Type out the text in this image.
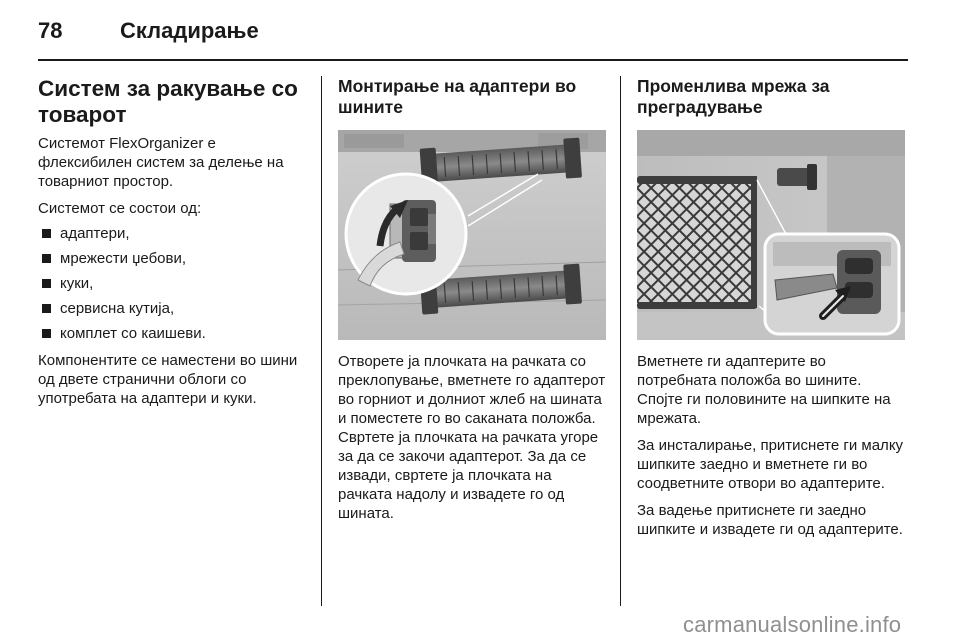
78	Складирање
Систем за ракување со товарот

Системот FlexOrganizer е флексибилен систем за делење на товарниот простор.

Системот се состои од:

адаптери,
мрежести џебови,
куки,
сервисна кутија,
комплет со каишеви.

Компонентите се наместени во шини од двете странични облоги со употребата на адаптери и куки.

Монтирање на адаптери во шините

Отворете ја плочката на рачката со преклопување, вметнете го адаптерот во горниот и долниот жлеб на шината и поместете го во саканата положба. Свртете ја плочката на рачката угоре за да се закочи адаптерот. За да се извади, свртете ја плочката на рачката надолу и извадете го од шината.

Променлива мрежа за преградување

Вметнете ги адаптерите во потребната положба во шините. Спојте ги половините на шипките на мрежата.

За инсталирање, притиснете ги малку шипките заедно и вметнете ги во соодветните отвори во адаптерите.

За вадење притиснете ги заедно шипките и извадете ги од адаптерите.

carmanualsonline.info
